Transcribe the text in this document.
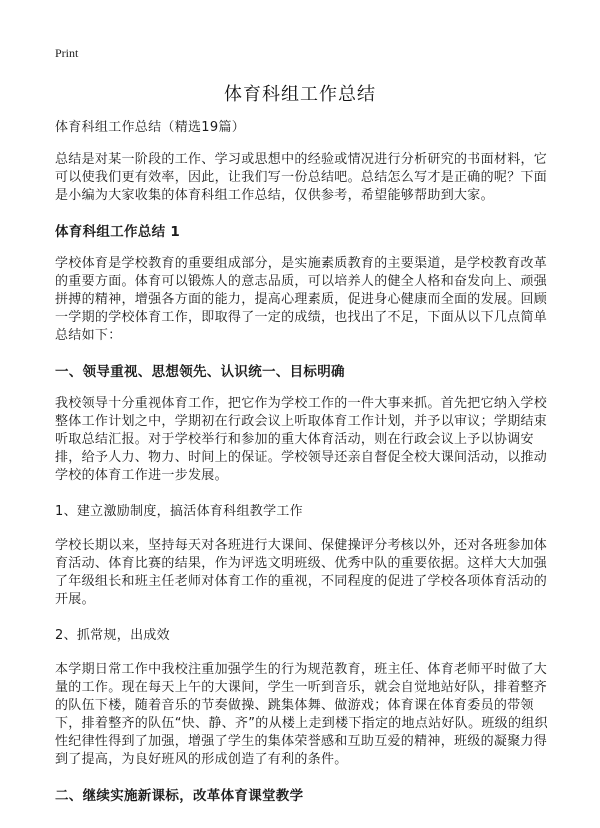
Print
体育科组工作总结

体育科组工作总结（精选19篇）

总结是对某一阶段的工作、学习或思想中的经验或情况进行分析研究的书面材料，它可以使我们更有效率，因此，让我们写一份总结吧。总结怎么写才是正确的呢？下面是小编为大家收集的体育科组工作总结，仅供参考，希望能够帮助到大家。

体育科组工作总结 1

学校体育是学校教育的重要组成部分，是实施素质教育的主要渠道，是学校教育改革的重要方面。体育可以锻炼人的意志品质，可以培养人的健全人格和奋发向上、顽强拼搏的精神，增强各方面的能力，提高心理素质，促进身心健康而全面的发展。回顾一学期的学校体育工作，即取得了一定的成绩，也找出了不足，下面从以下几点简单总结如下：

一、领导重视、思想领先、认识统一、目标明确

我校领导十分重视体育工作，把它作为学校工作的一件大事来抓。首先把它纳入学校整体工作计划之中，学期初在行政会议上听取体育工作计划，并予以审议；学期结束听取总结汇报。对于学校举行和参加的重大体育活动，则在行政会议上予以协调安排，给予人力、物力、时间上的保证。学校领导还亲自督促全校大课间活动，以推动学校的体育工作进一步发展。

1、建立激励制度，搞活体育科组教学工作

学校长期以来，坚持每天对各班进行大课间、保健操评分考核以外，还对各班参加体育活动、体育比赛的结果，作为评选文明班级、优秀中队的重要依据。这样大大加强了年级组长和班主任老师对体育工作的重视，不同程度的促进了学校各项体育活动的开展。

2、抓常规，出成效

本学期日常工作中我校注重加强学生的行为规范教育，班主任、体育老师平时做了大量的工作。现在每天上午的大课间，学生一听到音乐，就会自觉地站好队，排着整齐的队伍下楼，随着音乐的节奏做操、跳集体舞、做游戏；体育课在体育委员的带领下，排着整齐的队伍“快、静、齐”的从楼上走到楼下指定的地点站好队。班级的组织性纪律性得到了加强，增强了学生的集体荣誉感和互助互爱的精神，班级的凝聚力得到了提高，为良好班风的形成创造了有利的条件。

二、继续实施新课标，改革体育课堂教学
